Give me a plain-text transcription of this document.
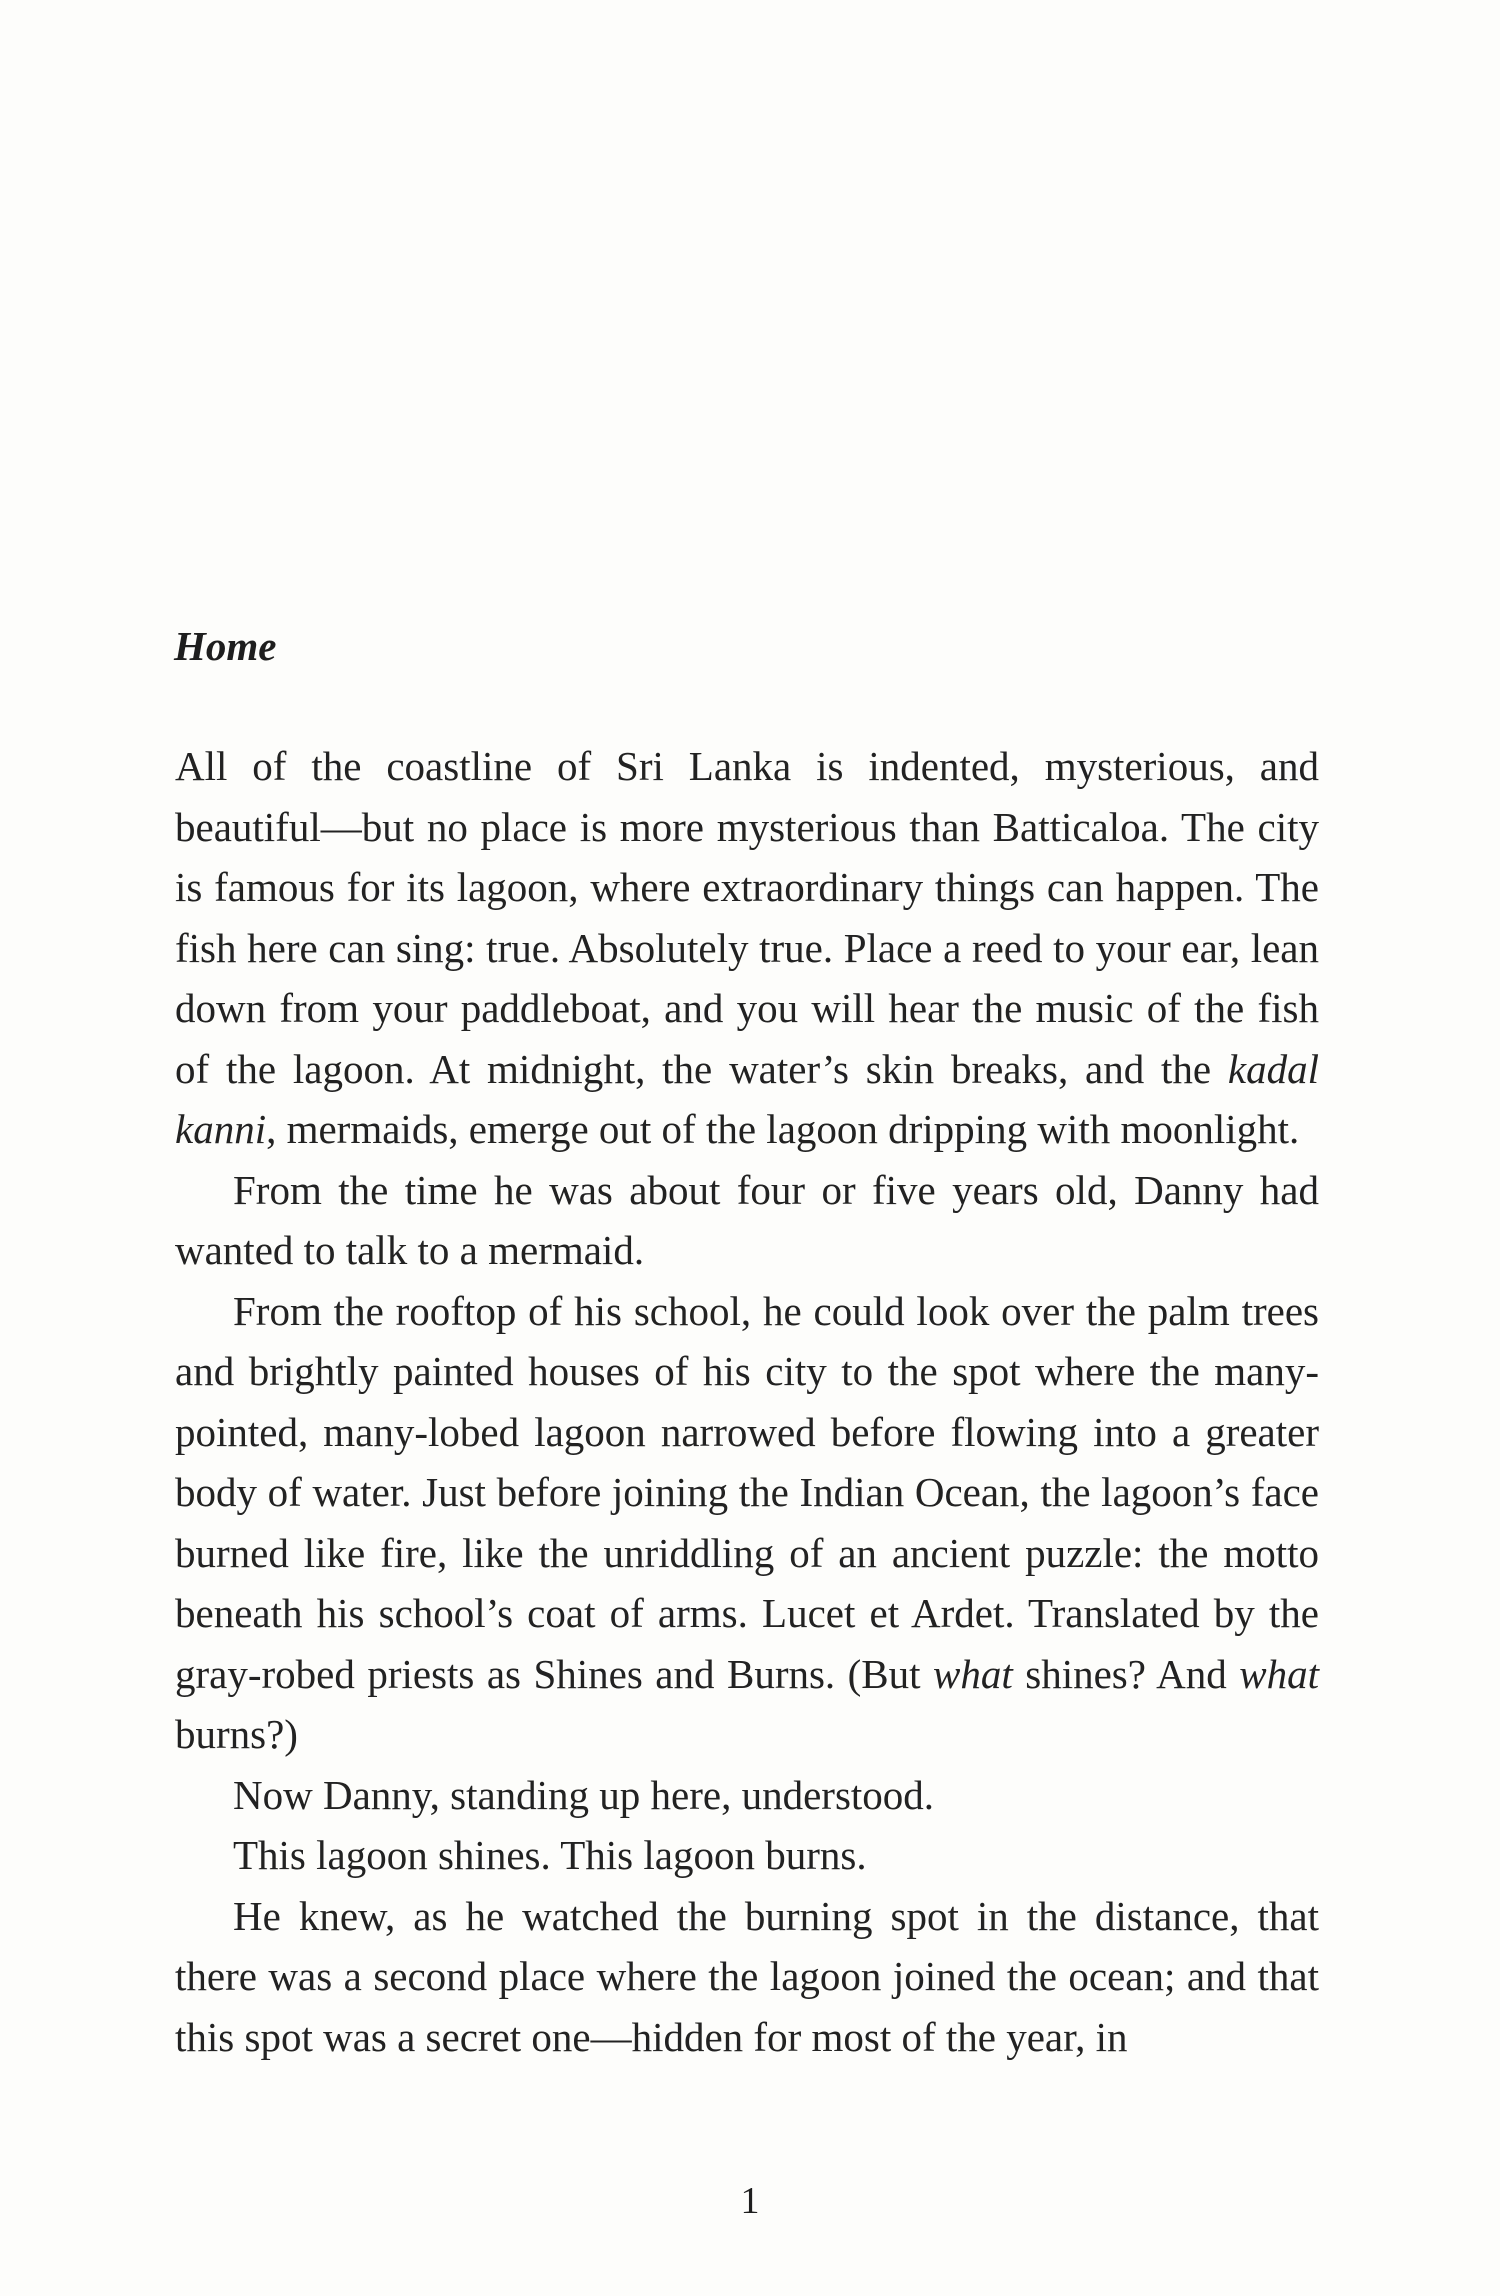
Home

All of the coastline of Sri Lanka is indented, mysterious, and beautiful—but no place is more mysterious than Batticaloa. The city is famous for its lagoon, where extraordinary things can happen. The fish here can sing: true. Absolutely true. Place a reed to your ear, lean down from your paddleboat, and you will hear the music of the fish of the lagoon. At midnight, the water’s skin breaks, and the kadal kanni, mermaids, emerge out of the lagoon dripping with moonlight.

From the time he was about four or five years old, Danny had wanted to talk to a mermaid.

From the rooftop of his school, he could look over the palm trees and brightly painted houses of his city to the spot where the many-pointed, many-lobed lagoon narrowed before flowing into a greater body of water. Just before joining the Indian Ocean, the lagoon’s face burned like fire, like the unriddling of an ancient puzzle: the motto beneath his school’s coat of arms. Lucet et Ardet. Translated by the gray-robed priests as Shines and Burns. (But what shines? And what burns?)

Now Danny, standing up here, understood.

This lagoon shines. This lagoon burns.

He knew, as he watched the burning spot in the distance, that there was a second place where the lagoon joined the ocean; and that this spot was a secret one—hidden for most of the year, in

1
